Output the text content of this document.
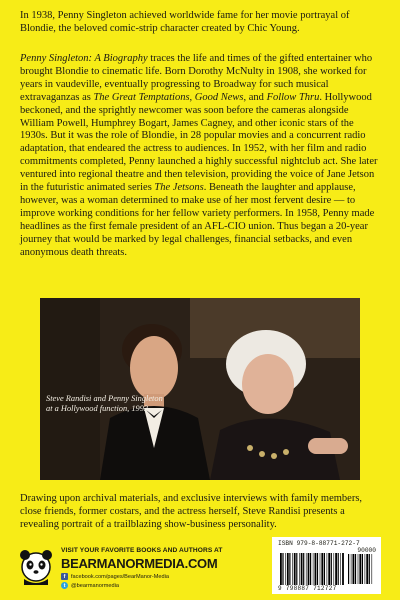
In 1938, Penny Singleton achieved worldwide fame for her movie portrayal of Blondie, the beloved comic-strip character created by Chic Young.

Penny Singleton: A Biography traces the life and times of the gifted entertainer who brought Blondie to cinematic life. Born Dorothy McNulty in 1908, she worked for years in vaudeville, eventually progressing to Broadway for such musical extravaganzas as The Great Temptations, Good News, and Follow Thru. Hollywood beckoned, and the sprightly newcomer was soon before the cameras alongside William Powell, Humphrey Bogart, James Cagney, and other iconic stars of the 1930s. But it was the role of Blondie, in 28 popular movies and a concurrent radio adaptation, that endeared the actress to audiences. In 1952, with her film and radio commitments completed, Penny launched a highly successful nightclub act. She later ventured into regional theatre and then television, providing the voice of Jane Jetson in the futuristic animated series The Jetsons. Beneath the laughter and applause, however, was a woman determined to make use of her most fervent desire — to improve working conditions for her fellow variety performers. In 1958, Penny made headlines as the first female president of an AFL-CIO union. Thus began a 20-year journey that would be marked by legal challenges, financial setbacks, and even anonymous death threats.

Steve Randisi and Penny Singleton at a Hollywood function, 1993.

Drawing upon archival materials, and exclusive interviews with family members, close friends, former costars, and the actress herself, Steve Randisi presents a revealing portrait of a trailblazing show-business personality.

VISIT YOUR FAVORITE BOOKS AND AUTHORS AT
BEARMANORMEDIA.COM
f facebook.com/pages/BearManor-Media
t @bearmanormedia
ISBN 979-8-88771-272-7
90000
9 798887 712727
